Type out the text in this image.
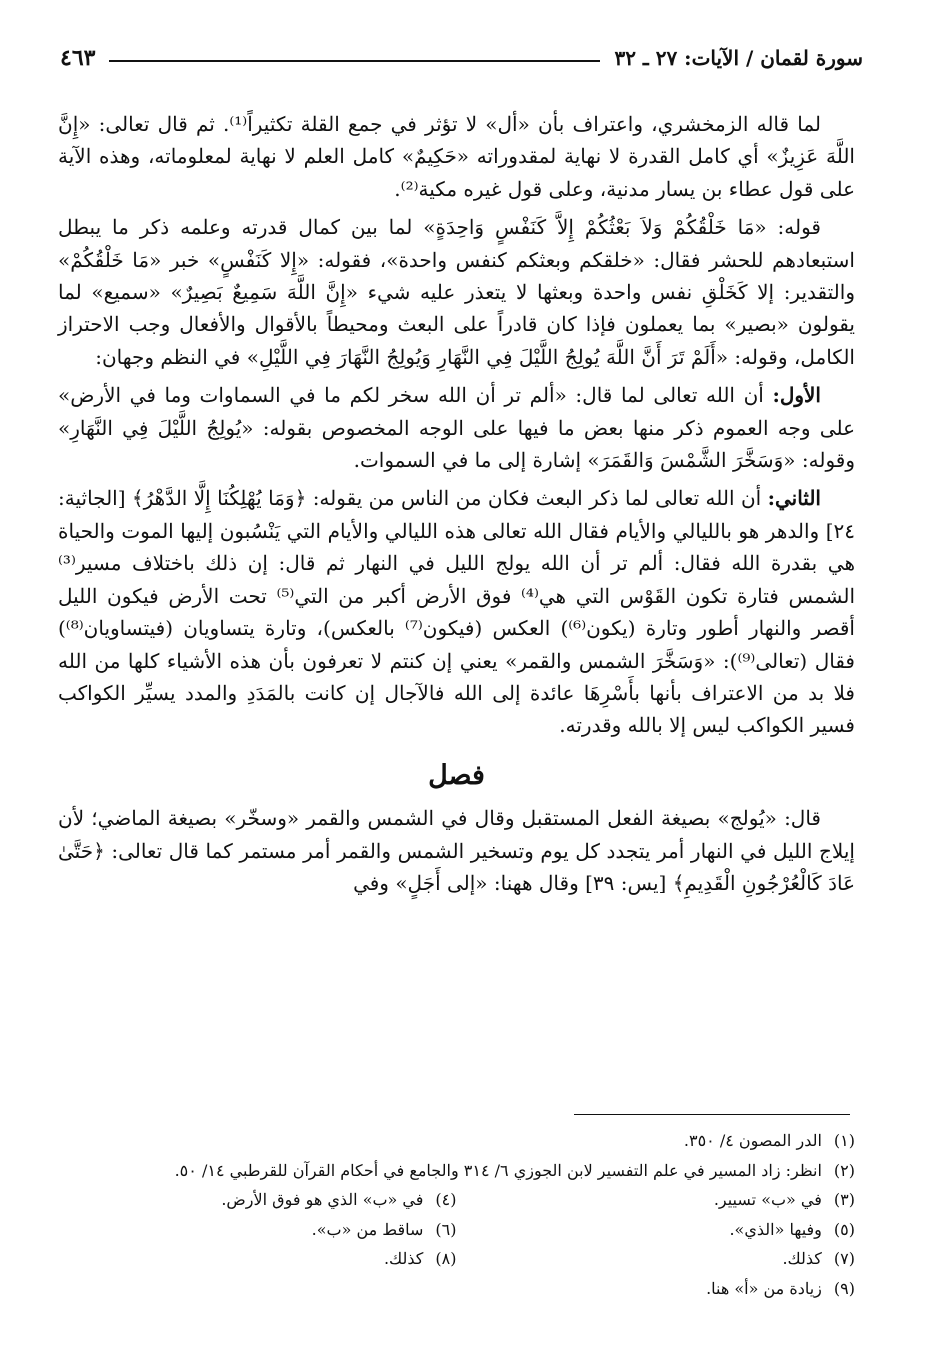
سورة لقمان / الآيات: ٢٧ ـ ٣٢
٤٦٣

لما قاله الزمخشري، واعتراف بأن «أل» لا تؤثر في جمع القلة تكثيراً⁽¹⁾. ثم قال تعالى: «إِنَّ اللَّهَ عَزِيزٌ» أي كامل القدرة لا نهاية لمقدوراته «حَكِيمٌ» كامل العلم لا نهاية لمعلوماته، وهذه الآية على قول عطاء بن يسار مدنية، وعلى قول غيره مكية⁽²⁾.

قوله: «مَا خَلْقُكُمْ وَلاَ بَعْثُكُمْ إِلاَّ كَنَفْسٍ وَاحِدَةٍ» لما بين كمال قدرته وعلمه ذكر ما يبطل استبعادهم للحشر فقال: «خلقكم وبعثكم كنفس واحدة»، فقوله: «إِلا كَنَفْسٍ» خبر «مَا خَلْقُكُمْ» والتقدير: إلا كَخَلْقِ نفس واحدة وبعثها لا يتعذر عليه شيء «إِنَّ اللَّهَ سَمِيعٌ بَصِيرٌ» «سميع» لما يقولون «بصير» بما يعملون فإذا كان قادراً على البعث ومحيطاً بالأقوال والأفعال وجب الاحتراز الكامل، وقوله: «أَلَمْ تَرَ أَنَّ اللَّهَ يُولِجُ اللَّيْلَ فِي النَّهَارِ وَيُولِجُ النَّهَارَ فِي اللَّيْلِ» في النظم وجهان:

الأول: أن الله تعالى لما قال: «ألم تر أن الله سخر لكم ما في السماوات وما في الأرض» على وجه العموم ذكر منها بعض ما فيها على الوجه المخصوص بقوله: «يُولِجُ اللَّيْلَ فِي النَّهَارِ» وقوله: «وَسَخَّرَ الشَّمْسَ وَالقَمَرَ» إشارة إلى ما في السموات.

الثاني: أن الله تعالى لما ذكر البعث فكان من الناس من يقوله: ﴿وَمَا يُهْلِكُنَا إِلَّا الدَّهْرُ﴾ [الجاثية: ٢٤] والدهر هو بالليالي والأيام فقال الله تعالى هذه الليالي والأيام التي يَنْسُبون إليها الموت والحياة هي بقدرة الله فقال: ألم تر أن الله يولج الليل في النهار ثم قال: إن ذلك باختلاف مسير⁽³⁾ الشمس فتارة تكون القَوْس التي هي⁽⁴⁾ فوق الأرض أكبر من التي⁽⁵⁾ تحت الأرض فيكون الليل أقصر والنهار أطور وتارة (يكون⁽⁶⁾) العكس (فيكون⁽⁷⁾ بالعكس)، وتارة يتساويان (فيتساويان⁽⁸⁾) فقال (تعالى⁽⁹⁾): «وَسَخَّرَ الشمس والقمر» يعني إن كنتم لا تعرفون بأن هذه الأشياء كلها من الله فلا بد من الاعتراف بأنها بأَسْرِهَا عائدة إلى الله فالآجال إن كانت بالمَدَدِ والمدد يسيِّر الكواكب فسير الكواكب ليس إلا بالله وقدرته.

فصل

قال: «يُولج» بصيغة الفعل المستقبل وقال في الشمس والقمر «وسخّر» بصيغة الماضي؛ لأن إيلاج الليل في النهار أمر يتجدد كل يوم وتسخير الشمس والقمر أمر مستمر كما قال تعالى: ﴿حَتَّىٰ عَادَ كَالْعُرْجُونِ الْقَدِيمِ﴾ [يس: ٣٩] وقال ههنا: «إلى أَجَلٍ» وفي

(١)الدر المصون ٤/ ٣٥٠.
(٢)انظر: زاد المسير في علم التفسير لابن الجوزي ٦/ ٣١٤ والجامع في أحكام القرآن للقرطبي ١٤/ ٥٠.
(٣)في «ب» تسيير.
(٤)في «ب» الذي هو فوق الأرض.
(٥)وفيها «الذي».
(٦)ساقط من «ب».
(٧)كذلك.
(٨)كذلك.
(٩)زيادة من «أ» هنا.
